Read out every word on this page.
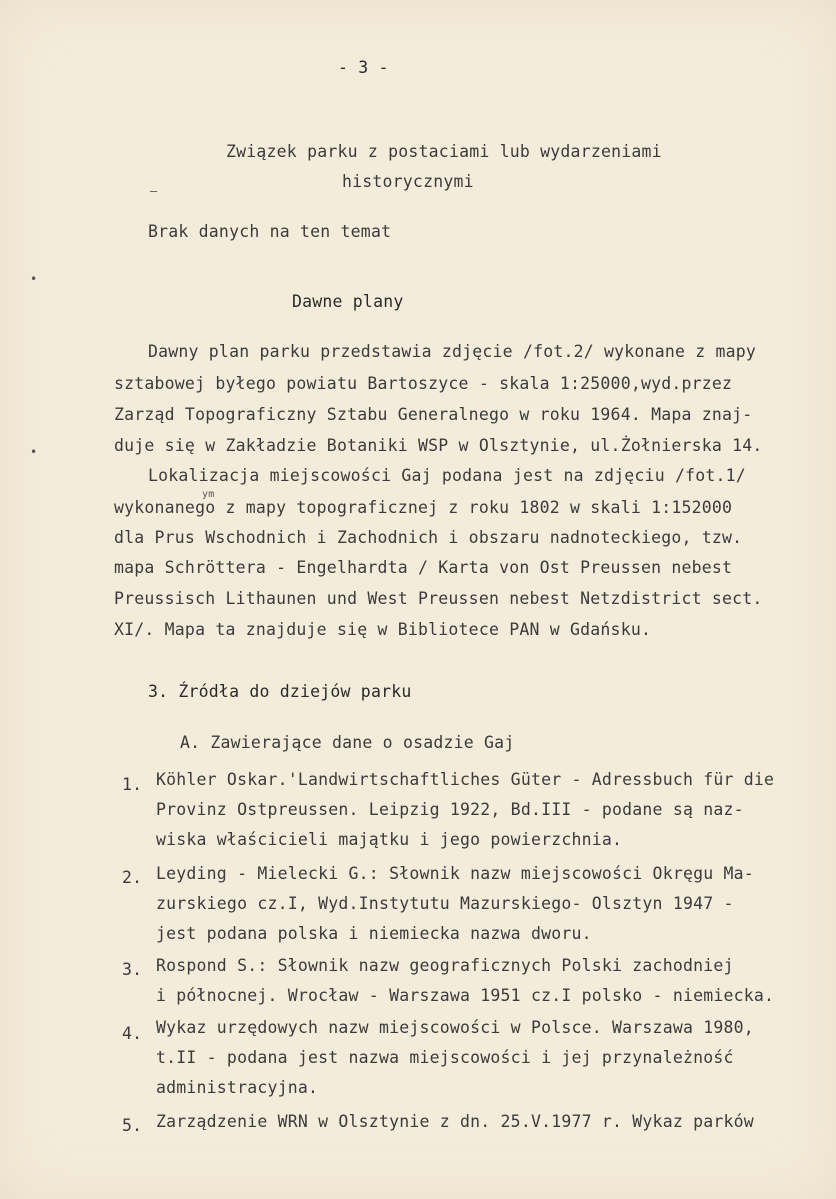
- 3 -
Związek parku z postaciami lub wydarzeniami
historycznymi
‒
Brak danych na ten temat
•
Dawne plany
Dawny plan parku przedstawia zdjęcie /fot.2/ wykonane z mapy
sztabowej byłego powiatu Bartoszyce - skala 1:25000,wyd.przez
Zarząd Topograficzny Sztabu Generalnego w roku 1964. Mapa znaj-
duje się w Zakładzie Botaniki WSP w Olsztynie, ul.Żołnierska 14.
•
Lokalizacja miejscowości Gaj podana jest na zdjęciu /fot.1/
ym
wykonanego z mapy topograficznej z roku 1802 w skali 1:152000
dla Prus Wschodnich i Zachodnich i obszaru nadnoteckiego, tzw.
mapa Schröttera - Engelhardta / Karta von Ost Preussen nebest
Preussisch Lithaunen und West Preussen nebest Netzdistrict sect.
XI/. Mapa ta znajduje się w Bibliotece PAN w Gdańsku.
3. Źródła do dziejów parku
A. Zawierające dane o osadzie Gaj
1. Köhler Oskar.'Landwirtschaftliches Güter - Adressbuch für die
Provinz Ostpreussen. Leipzig 1922, Bd.III - podane są naz-
wiska właścicieli majątku i jego powierzchnia.
2. Leyding - Mielecki G.: Słownik nazw miejscowości Okręgu Ma-
zurskiego cz.I, Wyd.Instytutu Mazurskiego- Olsztyn 1947 -
jest podana polska i niemiecka nazwa dworu.
3. Rospond S.: Słownik nazw geograficznych Polski zachodniej
i północnej. Wrocław - Warszawa 1951 cz.I polsko - niemiecka.
4. Wykaz urzędowych nazw miejscowości w Polsce. Warszawa 1980,
t.II - podana jest nazwa miejscowości i jej przynależność
administracyjna.
5. Zarządzenie WRN w Olsztynie z dn. 25.V.1977 r. Wykaz parków
